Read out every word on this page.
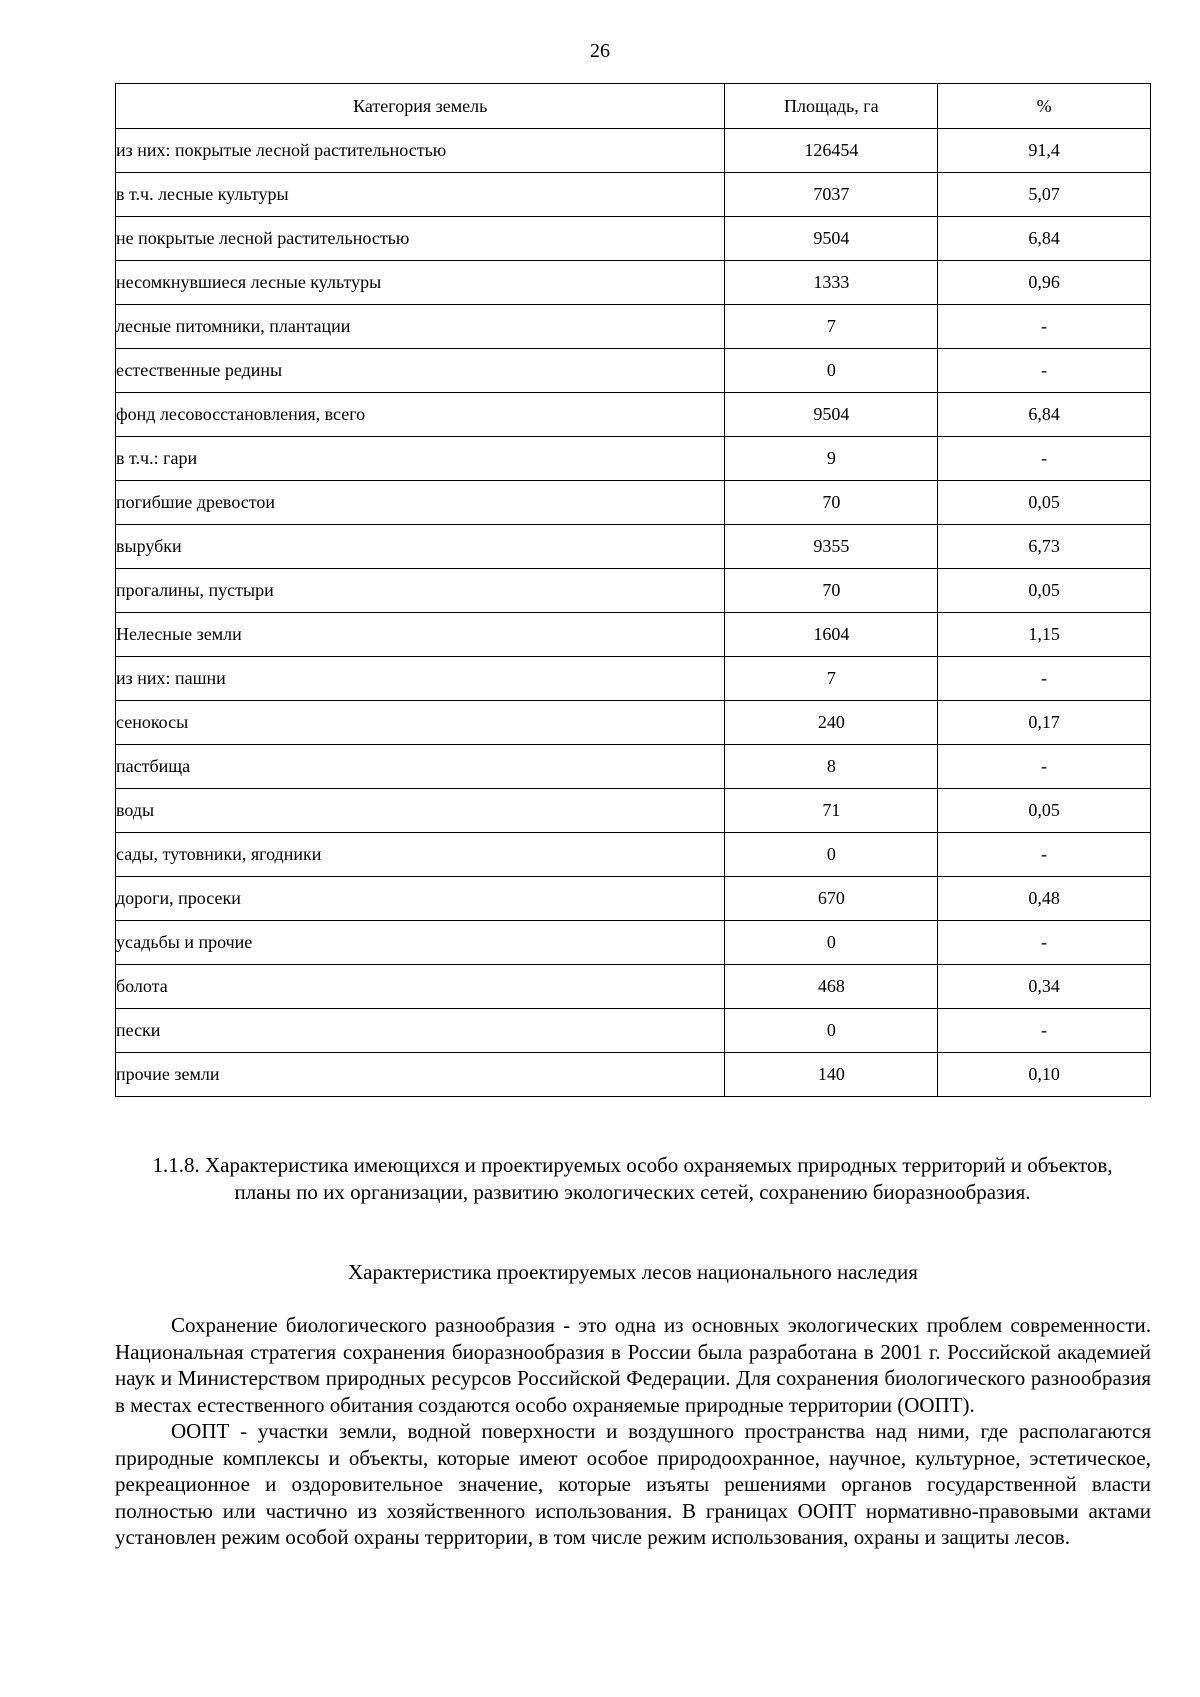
26
Категория земель	Площадь, га	%
из них: покрытые лесной растительностью	126454	91,4
в т.ч. лесные культуры	7037	5,07
не покрытые лесной растительностью	9504	6,84
несомкнувшиеся лесные культуры	1333	0,96
лесные питомники, плантации	7	-
естественные редины	0	-
фонд лесовосстановления, всего	9504	6,84
в т.ч.: гари	9	-
погибшие древостои	70	0,05
вырубки	9355	6,73
прогалины, пустыри	70	0,05
Нелесные земли	1604	1,15
из них: пашни	7	-
сенокосы	240	0,17
пастбища	8	-
воды	71	0,05
сады, тутовники, ягодники	0	-
дороги, просеки	670	0,48
усадьбы и прочие	0	-
болота	468	0,34
пески	0	-
прочие земли	140	0,10
1.1.8. Характеристика имеющихся и проектируемых особо охраняемых природных территорий и объектов, планы по их организации, развитию экологических сетей, сохранению биоразнообразия.
Характеристика проектируемых лесов национального наследия

Сохранение биологического разнообразия - это одна из основных экологических проблем современности. Национальная стратегия сохранения биоразнообразия в России была разработана в 2001 г. Российской академией наук и Министерством природных ресурсов Российской Федерации. Для сохранения биологического разнообразия в местах естественного обитания создаются особо охраняемые природные территории (ООПТ).

ООПТ - участки земли, водной поверхности и воздушного пространства над ними, где располагаются природные комплексы и объекты, которые имеют особое природоохранное, научное, культурное, эстетическое, рекреационное и оздоровительное значение, которые изъяты решениями органов государственной власти полностью или частично из хозяйственного использования. В границах ООПТ нормативно-правовыми актами установлен режим особой охраны территории, в том числе режим использования, охраны и защиты лесов.
